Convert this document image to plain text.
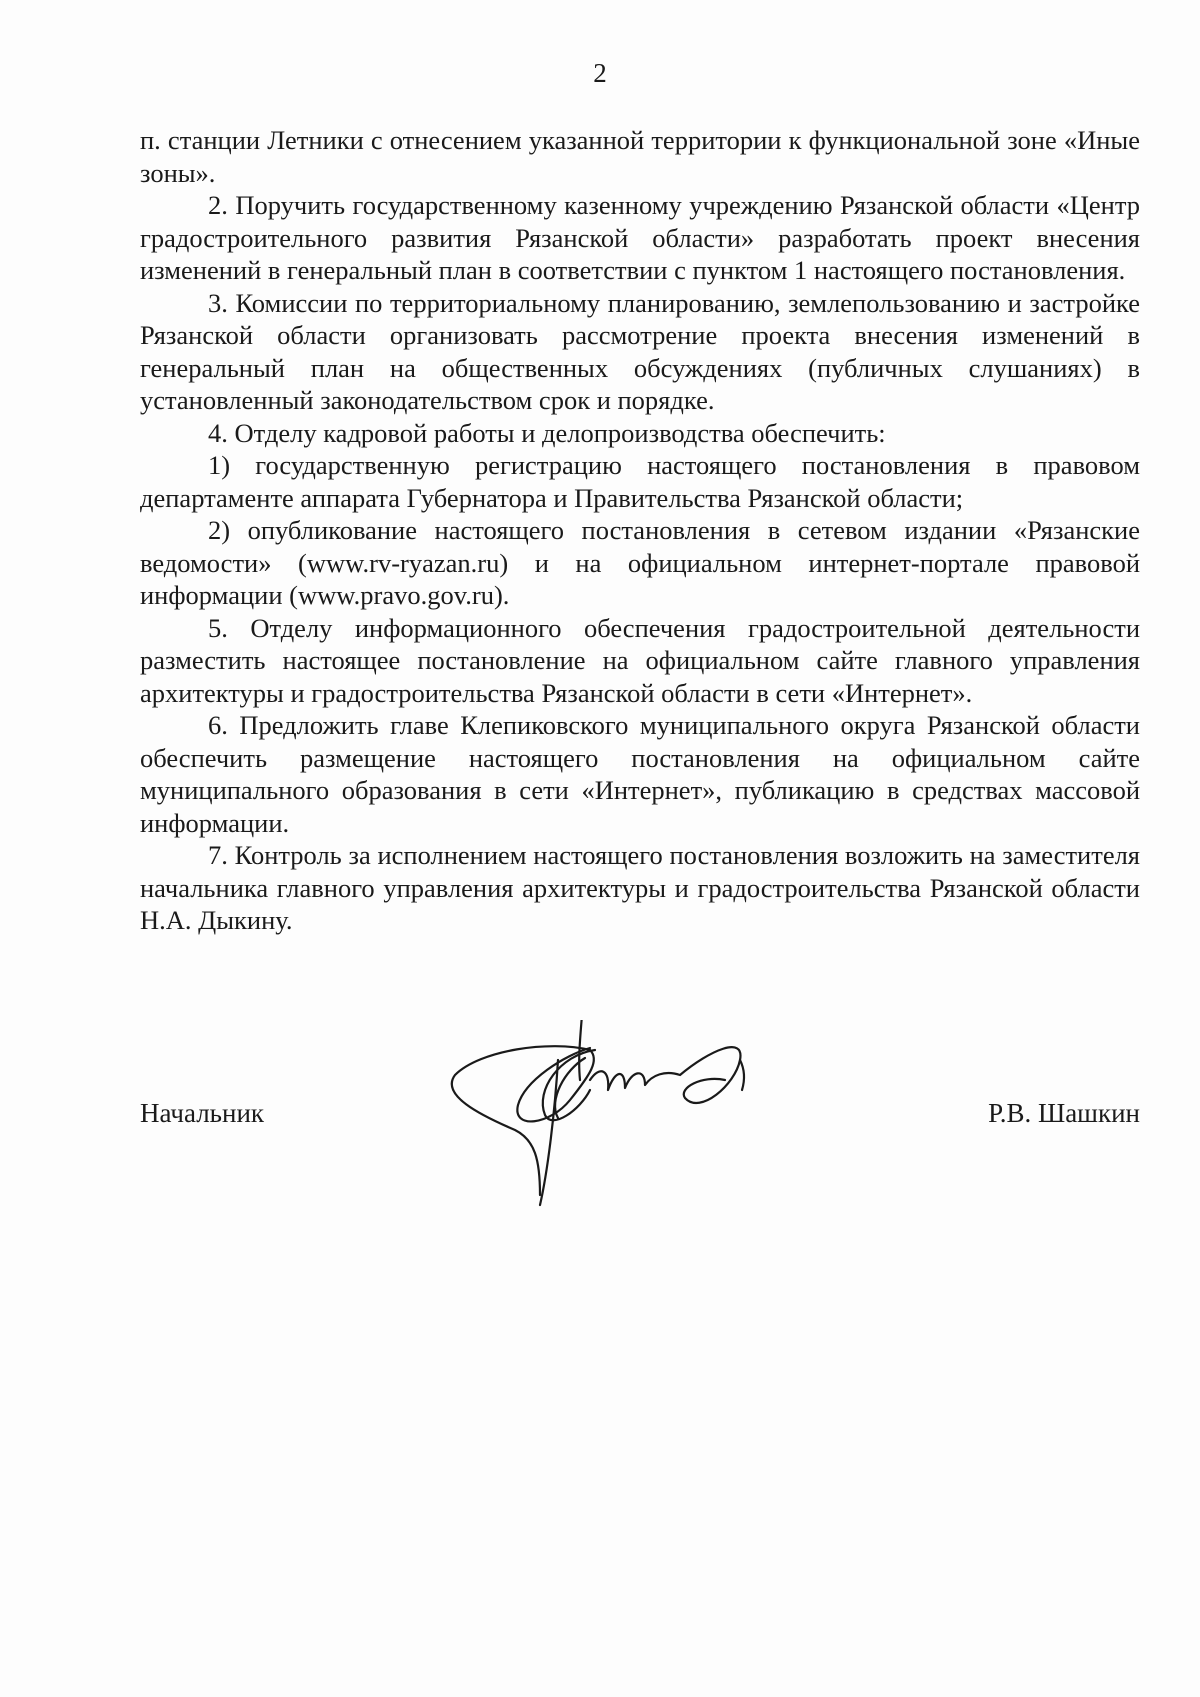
2

п. станции Летники с отнесением указанной территории к функциональной зоне «Иные зоны».

2. Поручить государственному казенному учреждению Рязанской области «Центр градостроительного развития Рязанской области» разработать проект внесения изменений в генеральный план в соответствии с пунктом 1 настоящего постановления.

3. Комиссии по территориальному планированию, землепользованию и застройке Рязанской области организовать рассмотрение проекта внесения изменений в генеральный план на общественных обсуждениях (публичных слушаниях) в установленный законодательством срок и порядке.

4. Отделу кадровой работы и делопроизводства обеспечить:

1) государственную регистрацию настоящего постановления в правовом департаменте аппарата Губернатора и Правительства Рязанской области;

2) опубликование настоящего постановления в сетевом издании «Рязанские ведомости» (www.rv-ryazan.ru) и на официальном интернет-портале правовой информации (www.pravo.gov.ru).

5. Отделу информационного обеспечения градостроительной деятельности разместить настоящее постановление на официальном сайте главного управления архитектуры и градостроительства Рязанской области в сети «Интернет».

6. Предложить главе Клепиковского муниципального округа Рязанской области обеспечить размещение настоящего постановления на официальном сайте муниципального образования в сети «Интернет», публикацию в средствах массовой информации.

7. Контроль за исполнением настоящего постановления возложить на заместителя начальника главного управления архитектуры и градостроительства Рязанской области Н.А. Дыкину.

Начальник	Р.В. Шашкин
